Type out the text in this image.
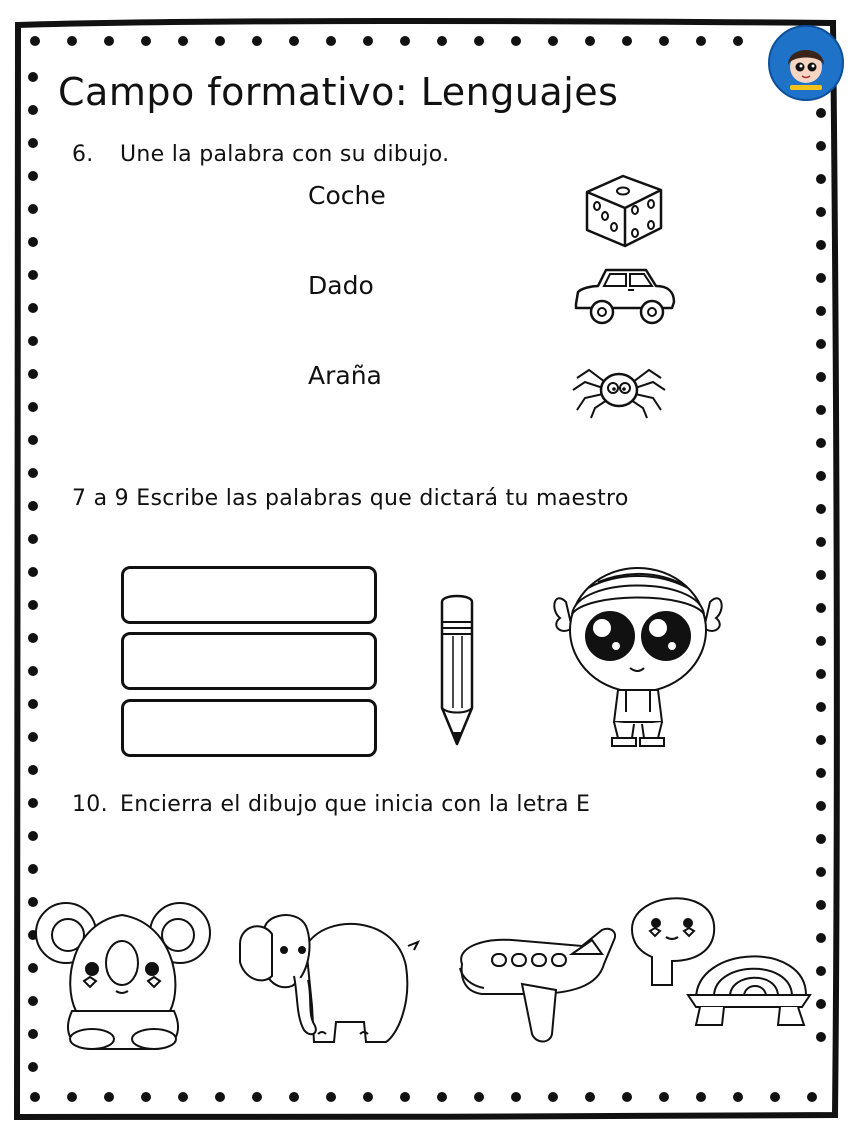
Campo formativo: Lenguajes
6. Une la palabra con su dibujo.
Coche
Dado
Araña
7 a 9 Escribe las palabras que dictará tu maestro
10. Encierra el dibujo que inicia con la letra E
